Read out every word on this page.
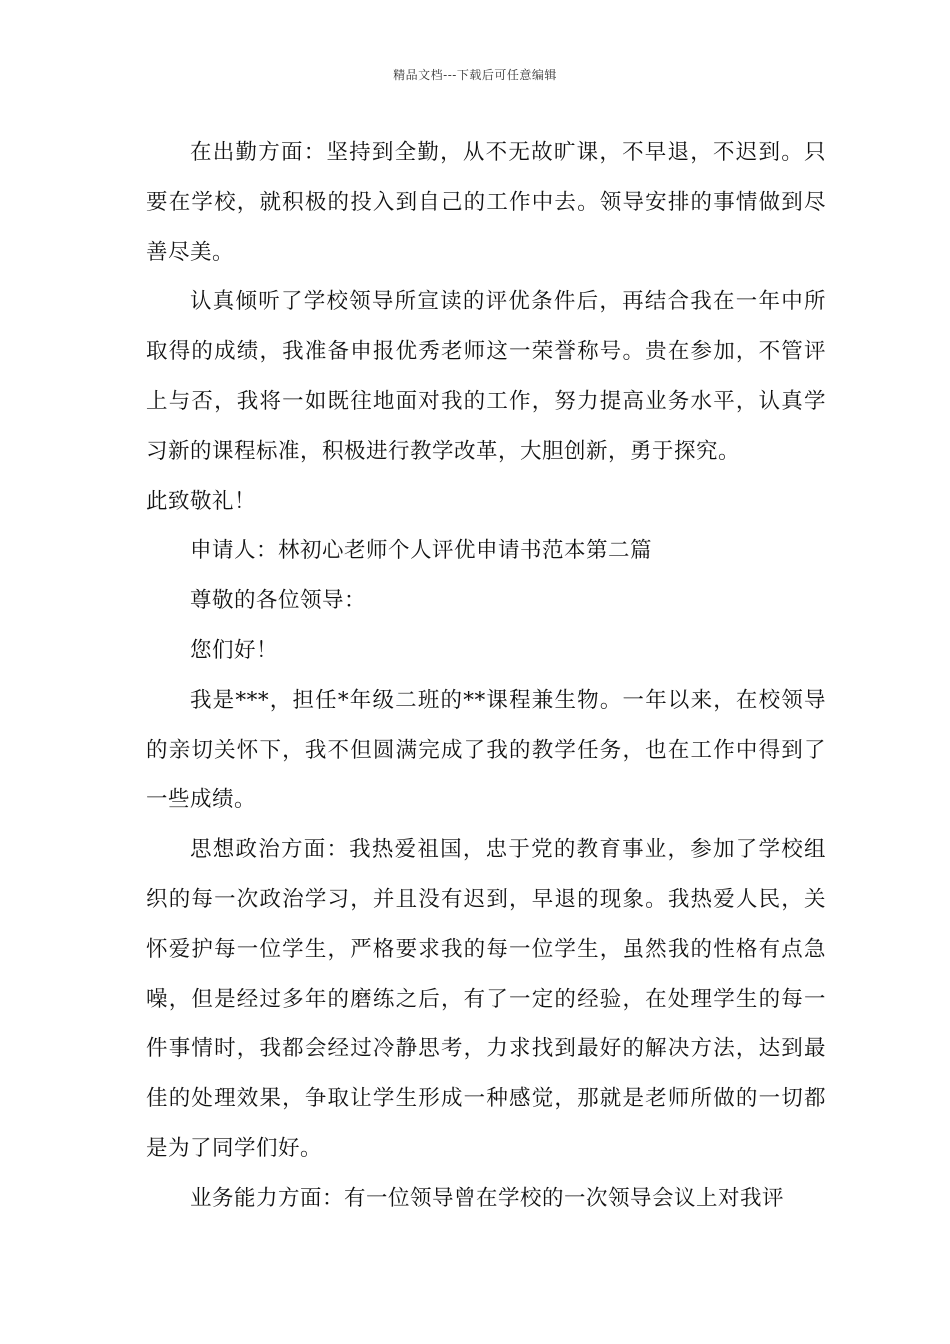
精品文档---下载后可任意编辑

在出勤方面：坚持到全勤，从不无故旷课，不早退，不迟到。只要在学校，就积极的投入到自己的工作中去。领导安排的事情做到尽善尽美。

认真倾听了学校领导所宣读的评优条件后，再结合我在一年中所取得的成绩，我准备申报优秀老师这一荣誉称号。贵在参加，不管评上与否，我将一如既往地面对我的工作，努力提高业务水平，认真学习新的课程标准，积极进行教学改革，大胆创新，勇于探究。

此致敬礼！

申请人：林初心老师个人评优申请书范本第二篇

尊敬的各位领导：

您们好！

我是***，担任*年级二班的**课程兼生物。一年以来，在校领导的亲切关怀下，我不但圆满完成了我的教学任务，也在工作中得到了一些成绩。

思想政治方面：我热爱祖国，忠于党的教育事业，参加了学校组织的每一次政治学习，并且没有迟到，早退的现象。我热爱人民，关怀爱护每一位学生，严格要求我的每一位学生，虽然我的性格有点急噪，但是经过多年的磨练之后，有了一定的经验，在处理学生的每一件事情时，我都会经过冷静思考，力求找到最好的解决方法，达到最佳的处理效果，争取让学生形成一种感觉，那就是老师所做的一切都是为了同学们好。

业务能力方面：有一位领导曾在学校的一次领导会议上对我评
